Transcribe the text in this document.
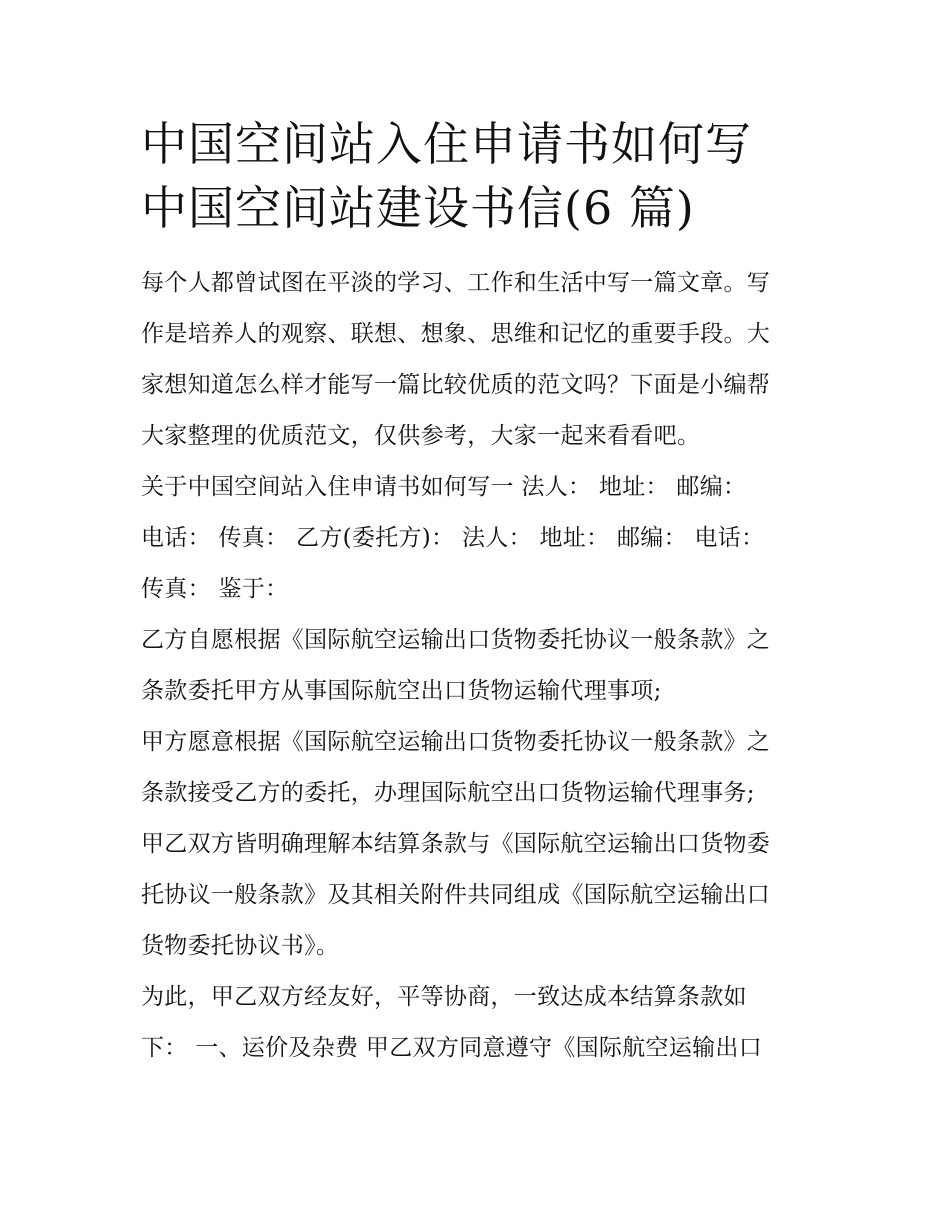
中国空间站入住申请书如何写
中国空间站建设书信(6 篇)

每个人都曾试图在平淡的学习、工作和生活中写一篇文章。写
作是培养人的观察、联想、想象、思维和记忆的重要手段。大
家想知道怎么样才能写一篇比较优质的范文吗？下面是小编帮
大家整理的优质范文，仅供参考，大家一起来看看吧。

关于中国空间站入住申请书如何写一 法人： 地址： 邮编：
电话： 传真： 乙方(委托方)： 法人： 地址： 邮编： 电话：
传真： 鉴于：

乙方自愿根据《国际航空运输出口货物委托协议一般条款》之
条款委托甲方从事国际航空出口货物运输代理事项;

甲方愿意根据《国际航空运输出口货物委托协议一般条款》之
条款接受乙方的委托，办理国际航空出口货物运输代理事务;

甲乙双方皆明确理解本结算条款与《国际航空运输出口货物委
托协议一般条款》及其相关附件共同组成《国际航空运输出口
货物委托协议书》。

为此，甲乙双方经友好，平等协商，一致达成本结算条款如
下： 一、运价及杂费 甲乙双方同意遵守《国际航空运输出口
